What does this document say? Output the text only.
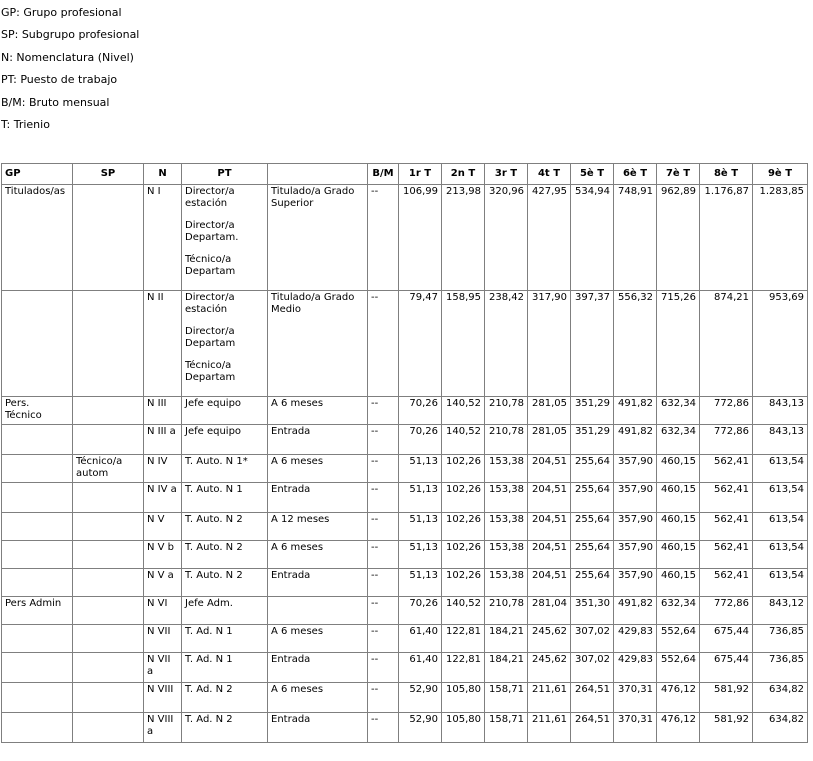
GP: Grupo profesional
SP: Subgrupo profesional
N: Nomenclatura (Nivel)
PT: Puesto de trabajo
B/M: Bruto mensual
T: Trienio
GP	SP	N	PT		B/M	1r T	2n T	3r T	4t T	5è T	6è T	7è T	8è T	9è T
Titulados/as		N I	Director/a estación
Director/a Departam.
Técnico/a Departam	Titulado/a Grado Superior	--	106,99	213,98	320,96	427,95	534,94	748,91	962,89	1.176,87	1.283,85
		N II	Director/a estación
Director/a Departam
Técnico/a Departam	Titulado/a Grado Medio	--	79,47	158,95	238,42	317,90	397,37	556,32	715,26	874,21	953,69
Pers. Técnico		N III	Jefe equipo	A 6 meses	--	70,26	140,52	210,78	281,05	351,29	491,82	632,34	772,86	843,13
		N III a	Jefe equipo	Entrada	--	70,26	140,52	210,78	281,05	351,29	491,82	632,34	772,86	843,13
	Técnico/a autom	N IV	T. Auto. N 1*	A 6 meses	--	51,13	102,26	153,38	204,51	255,64	357,90	460,15	562,41	613,54
		N IV a	T. Auto. N 1	Entrada	--	51,13	102,26	153,38	204,51	255,64	357,90	460,15	562,41	613,54
		N V	T. Auto. N 2	A 12 meses	--	51,13	102,26	153,38	204,51	255,64	357,90	460,15	562,41	613,54
		N V b	T. Auto. N 2	A 6 meses	--	51,13	102,26	153,38	204,51	255,64	357,90	460,15	562,41	613,54
		N V a	T. Auto. N 2	Entrada	--	51,13	102,26	153,38	204,51	255,64	357,90	460,15	562,41	613,54
Pers Admin		N VI	Jefe Adm.		--	70,26	140,52	210,78	281,04	351,30	491,82	632,34	772,86	843,12
		N VII	T. Ad. N 1	A 6 meses	--	61,40	122,81	184,21	245,62	307,02	429,83	552,64	675,44	736,85
		N VII a	T. Ad. N 1	Entrada	--	61,40	122,81	184,21	245,62	307,02	429,83	552,64	675,44	736,85
		N VIII	T. Ad. N 2	A 6 meses	--	52,90	105,80	158,71	211,61	264,51	370,31	476,12	581,92	634,82
		N VIII a	T. Ad. N 2	Entrada	--	52,90	105,80	158,71	211,61	264,51	370,31	476,12	581,92	634,82
